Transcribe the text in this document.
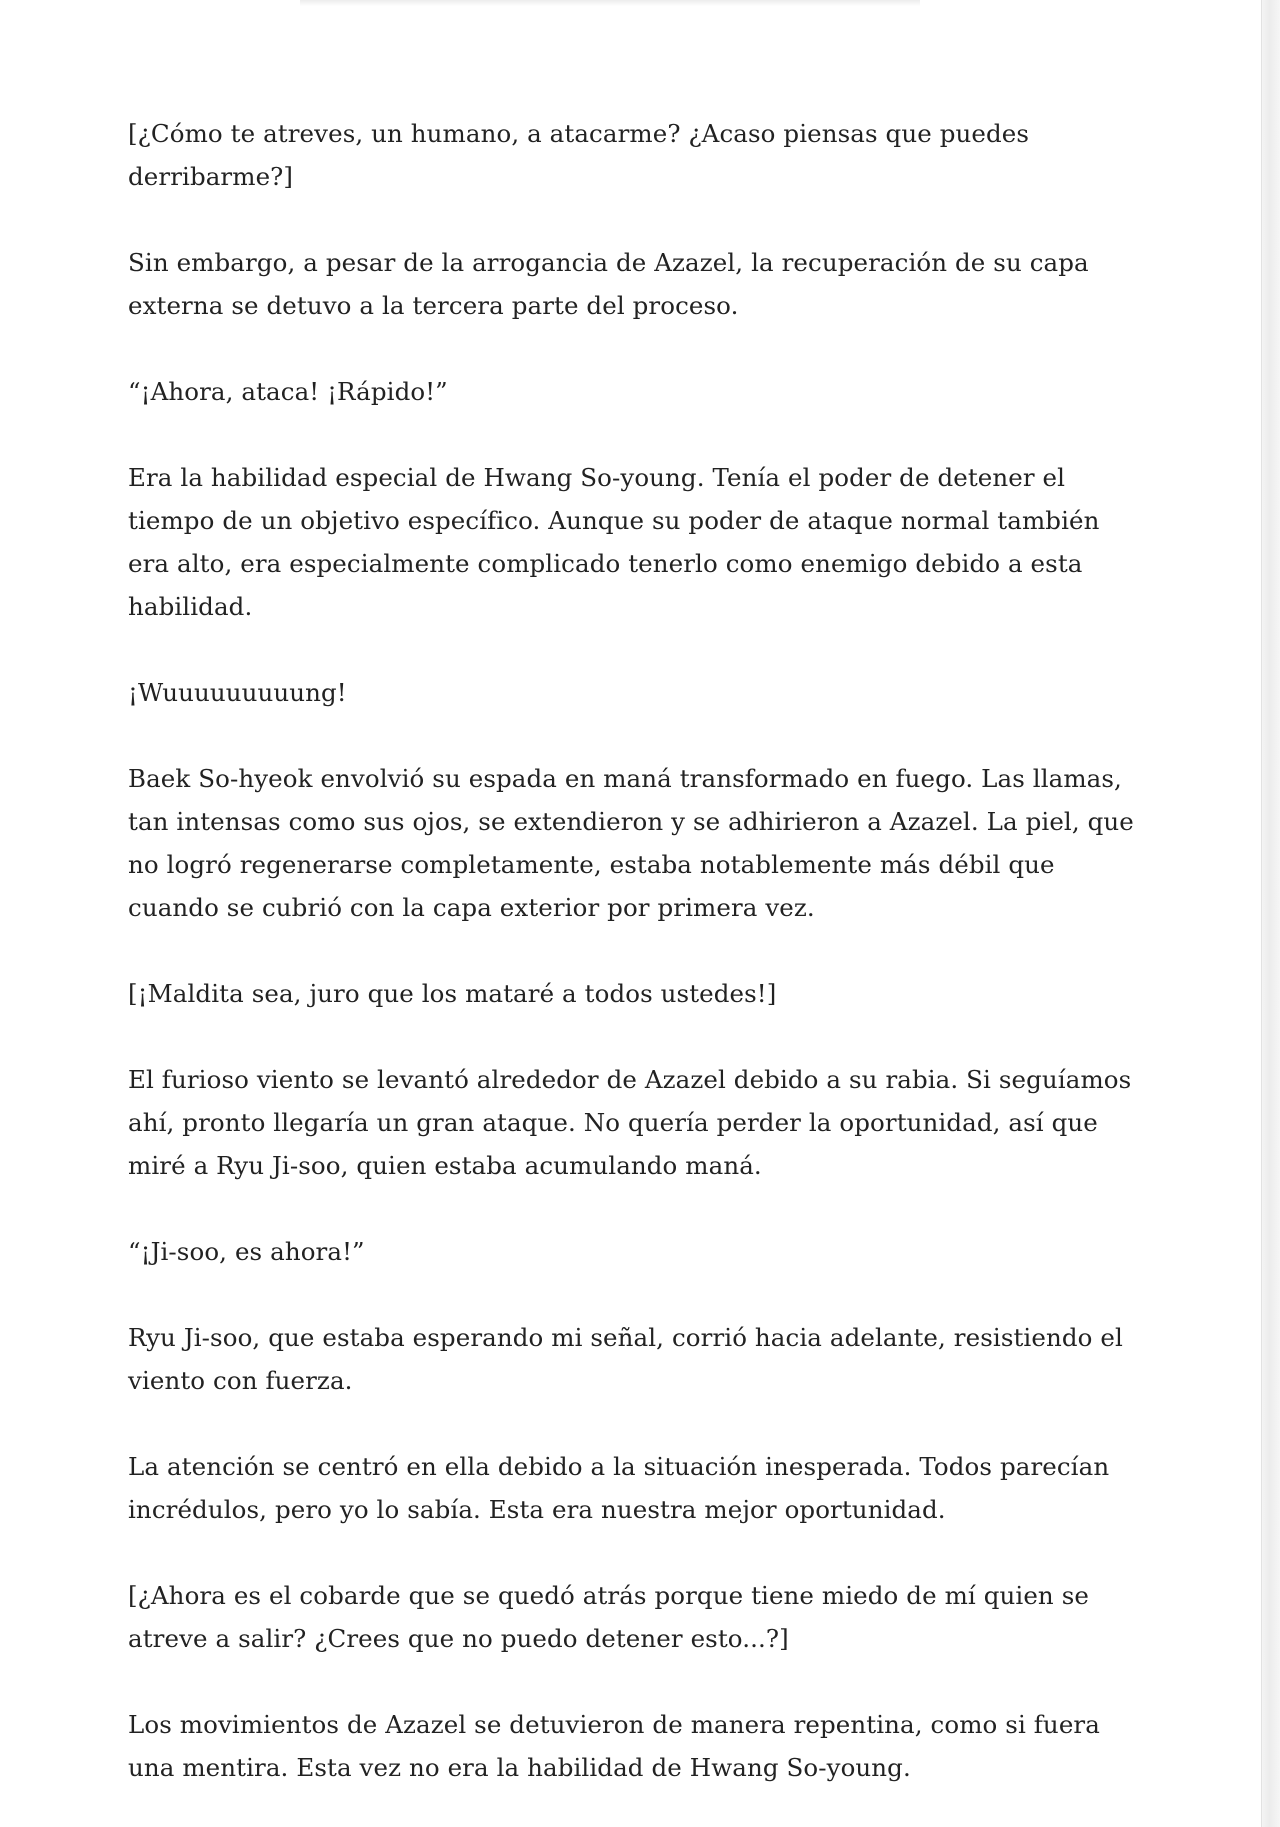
[¿Cómo te atreves, un humano, a atacarme? ¿Acaso piensas que puedes derribarme?]

Sin embargo, a pesar de la arrogancia de Azazel, la recuperación de su capa externa se detuvo a la tercera parte del proceso.

“¡Ahora, ataca! ¡Rápido!”

Era la habilidad especial de Hwang So-young. Tenía el poder de detener el tiempo de un objetivo específico. Aunque su poder de ataque normal también era alto, era especialmente complicado tenerlo como enemigo debido a esta habilidad.

¡Wuuuuuuuuung!

Baek So-hyeok envolvió su espada en maná transformado en fuego. Las llamas, tan intensas como sus ojos, se extendieron y se adhirieron a Azazel. La piel, que no logró regenerarse completamente, estaba notablemente más débil que cuando se cubrió con la capa exterior por primera vez.

[¡Maldita sea, juro que los mataré a todos ustedes!]

El furioso viento se levantó alrededor de Azazel debido a su rabia. Si seguíamos ahí, pronto llegaría un gran ataque. No quería perder la oportunidad, así que miré a Ryu Ji-soo, quien estaba acumulando maná.

“¡Ji-soo, es ahora!”

Ryu Ji-soo, que estaba esperando mi señal, corrió hacia adelante, resistiendo el viento con fuerza.

La atención se centró en ella debido a la situación inesperada. Todos parecían incrédulos, pero yo lo sabía. Esta era nuestra mejor oportunidad.

[¿Ahora es el cobarde que se quedó atrás porque tiene miedo de mí quien se atreve a salir? ¿Crees que no puedo detener esto...?]

Los movimientos de Azazel se detuvieron de manera repentina, como si fuera una mentira. Esta vez no era la habilidad de Hwang So-young.
